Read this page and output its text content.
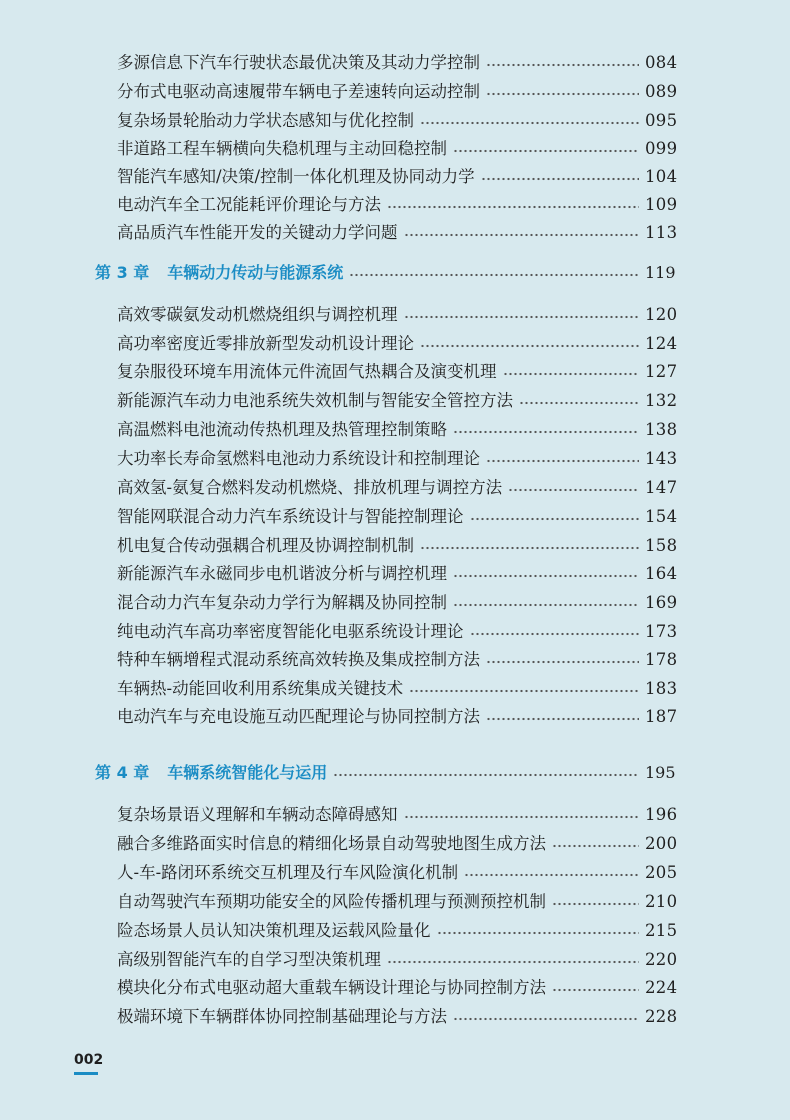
多源信息下汽车行驶状态最优决策及其动力学控制	084
分布式电驱动高速履带车辆电子差速转向运动控制	089
复杂场景轮胎动力学状态感知与优化控制	095
非道路工程车辆横向失稳机理与主动回稳控制	099
智能汽车感知/决策/控制一体化机理及协同动力学	104
电动汽车全工况能耗评价理论与方法	109
高品质汽车性能开发的关键动力学问题	113
第 3 章 车辆动力传动与能源系统	119
高效零碳氨发动机燃烧组织与调控机理	120
高功率密度近零排放新型发动机设计理论	124
复杂服役环境车用流体元件流固气热耦合及演变机理	127
新能源汽车动力电池系统失效机制与智能安全管控方法	132
高温燃料电池流动传热机理及热管理控制策略	138
大功率长寿命氢燃料电池动力系统设计和控制理论	143
高效氢-氨复合燃料发动机燃烧、排放机理与调控方法	147
智能网联混合动力汽车系统设计与智能控制理论	154
机电复合传动强耦合机理及协调控制机制	158
新能源汽车永磁同步电机谐波分析与调控机理	164
混合动力汽车复杂动力学行为解耦及协同控制	169
纯电动汽车高功率密度智能化电驱系统设计理论	173
特种车辆增程式混动系统高效转换及集成控制方法	178
车辆热-动能回收利用系统集成关键技术	183
电动汽车与充电设施互动匹配理论与协同控制方法	187
第 4 章 车辆系统智能化与运用	195
复杂场景语义理解和车辆动态障碍感知	196
融合多维路面实时信息的精细化场景自动驾驶地图生成方法	200
人-车-路闭环系统交互机理及行车风险演化机制	205
自动驾驶汽车预期功能安全的风险传播机理与预测预控机制	210
险态场景人员认知决策机理及运载风险量化	215
高级别智能汽车的自学习型决策机理	220
模块化分布式电驱动超大重载车辆设计理论与协同控制方法	224
极端环境下车辆群体协同控制基础理论与方法	228
002
